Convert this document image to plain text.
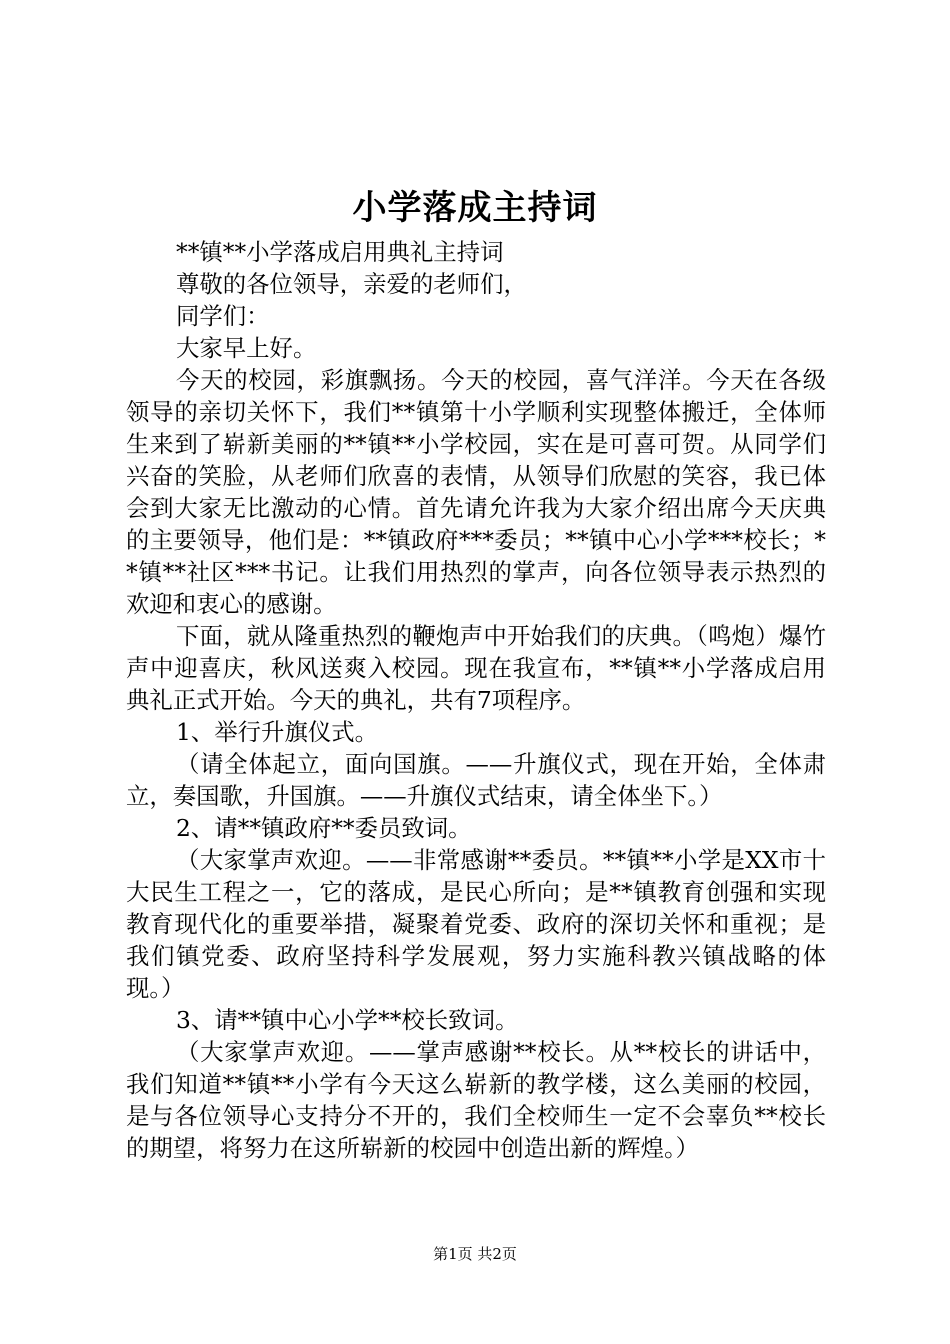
小学落成主持词

**镇**小学落成启用典礼主持词

尊敬的各位领导，亲爱的老师们，

同学们：

大家早上好。

今天的校园，彩旗飘扬。今天的校园，喜气洋洋。今天在各级领导的亲切关怀下，我们**镇第十小学顺利实现整体搬迁，全体师生来到了崭新美丽的**镇**小学校园，实在是可喜可贺。从同学们兴奋的笑脸，从老师们欣喜的表情，从领导们欣慰的笑容，我已体会到大家无比激动的心情。首先请允许我为大家介绍出席今天庆典的主要领导，他们是：**镇政府***委员；**镇中心小学***校长；**镇**社区***书记。让我们用热烈的掌声，向各位领导表示热烈的欢迎和衷心的感谢。

下面，就从隆重热烈的鞭炮声中开始我们的庆典。（鸣炮）爆竹声中迎喜庆，秋风送爽入校园。现在我宣布，**镇**小学落成启用典礼正式开始。今天的典礼，共有7项程序。

1、举行升旗仪式。

（请全体起立，面向国旗。——升旗仪式，现在开始，全体肃立，奏国歌，升国旗。——升旗仪式结束，请全体坐下。）

2、请**镇政府**委员致词。

（大家掌声欢迎。——非常感谢**委员。**镇**小学是XX市十大民生工程之一，它的落成，是民心所向；是**镇教育创强和实现教育现代化的重要举措，凝聚着党委、政府的深切关怀和重视；是我们镇党委、政府坚持科学发展观，努力实施科教兴镇战略的体现。）

3、请**镇中心小学**校长致词。

（大家掌声欢迎。——掌声感谢**校长。从**校长的讲话中，我们知道**镇**小学有今天这么崭新的教学楼，这么美丽的校园，是与各位领导心支持分不开的，我们全校师生一定不会辜负**校长的期望，将努力在这所崭新的校园中创造出新的辉煌。）

第1页 共2页
